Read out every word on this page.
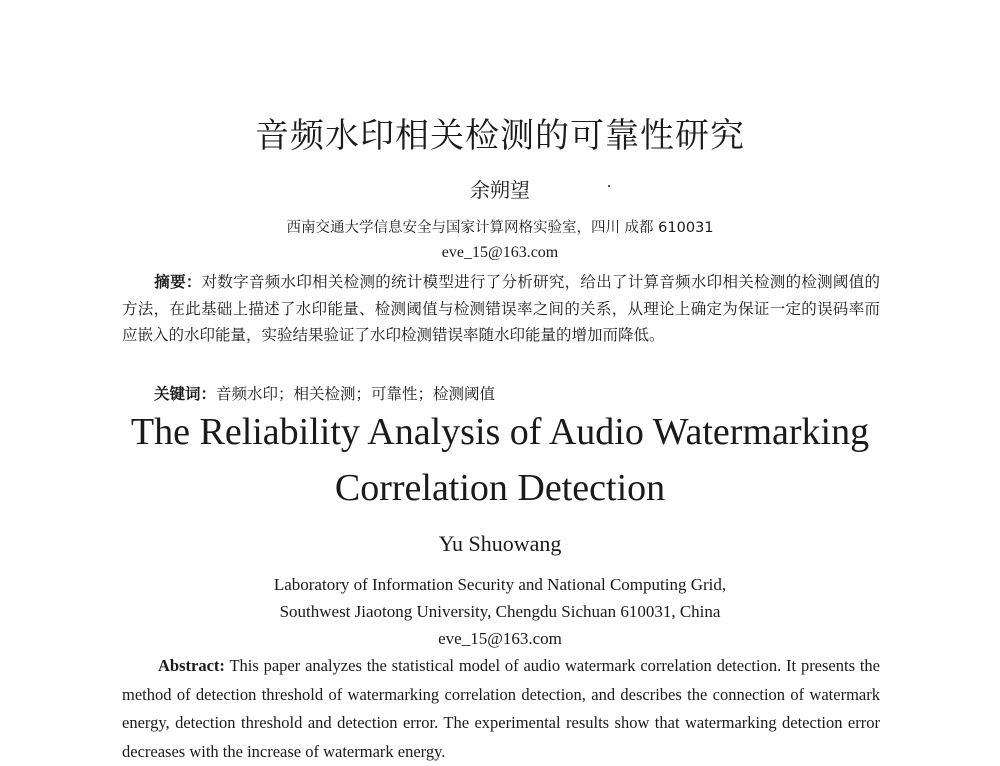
音频水印相关检测的可靠性研究
余朔望
西南交通大学信息安全与国家计算网格实验室，四川 成都 610031
eve_15@163.com
摘要：对数字音频水印相关检测的统计模型进行了分析研究，给出了计算音频水印相关检测的检测阈值的方法，在此基础上描述了水印能量、检测阈值与检测错误率之间的关系，从理论上确定为保证一定的误码率而应嵌入的水印能量，实验结果验证了水印检测错误率随水印能量的增加而降低。
关键词：音频水印；相关检测；可靠性；检测阈值
The Reliability Analysis of Audio Watermarking
Correlation Detection
Yu Shuowang
Laboratory of Information Security and National Computing Grid,
Southwest Jiaotong University, Chengdu Sichuan 610031, China
eve_15@163.com
Abstract: This paper analyzes the statistical model of audio watermark correlation detection. It presents the method of detection threshold of watermarking correlation detection, and describes the connection of watermark energy, detection threshold and detection error. The experimental results show that watermarking detection error decreases with the increase of watermark energy.
